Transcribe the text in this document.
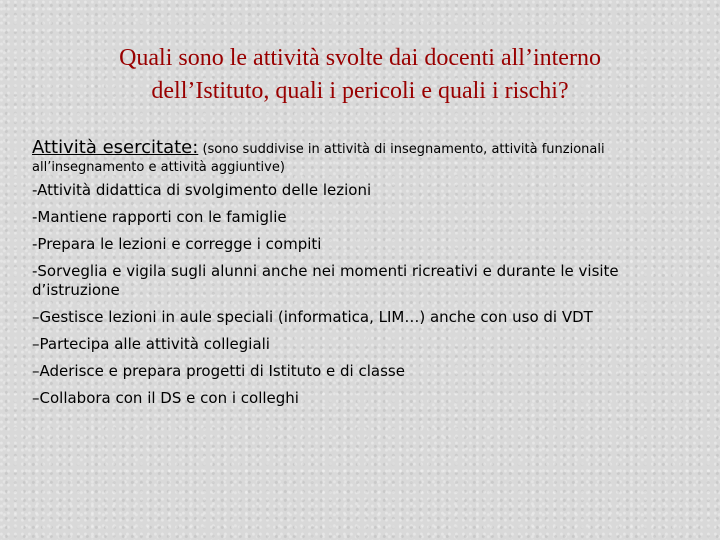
Quali sono le attività svolte dai docenti all’interno
dell’Istituto, quali i pericoli e quali i rischi?
Attività esercitate: (sono suddivise in attività di insegnamento, attività funzionali all’insegnamento e attività aggiuntive)
-Attività didattica di svolgimento delle lezioni
-Mantiene rapporti con le famiglie
-Prepara le lezioni e corregge i compiti
-Sorveglia e vigila sugli alunni anche nei momenti ricreativi e durante le visite d’istruzione
–Gestisce lezioni in aule speciali (informatica, LIM…) anche con uso di VDT
–Partecipa alle attività collegiali
–Aderisce e prepara progetti di Istituto e di classe
–Collabora con il DS e con i colleghi
